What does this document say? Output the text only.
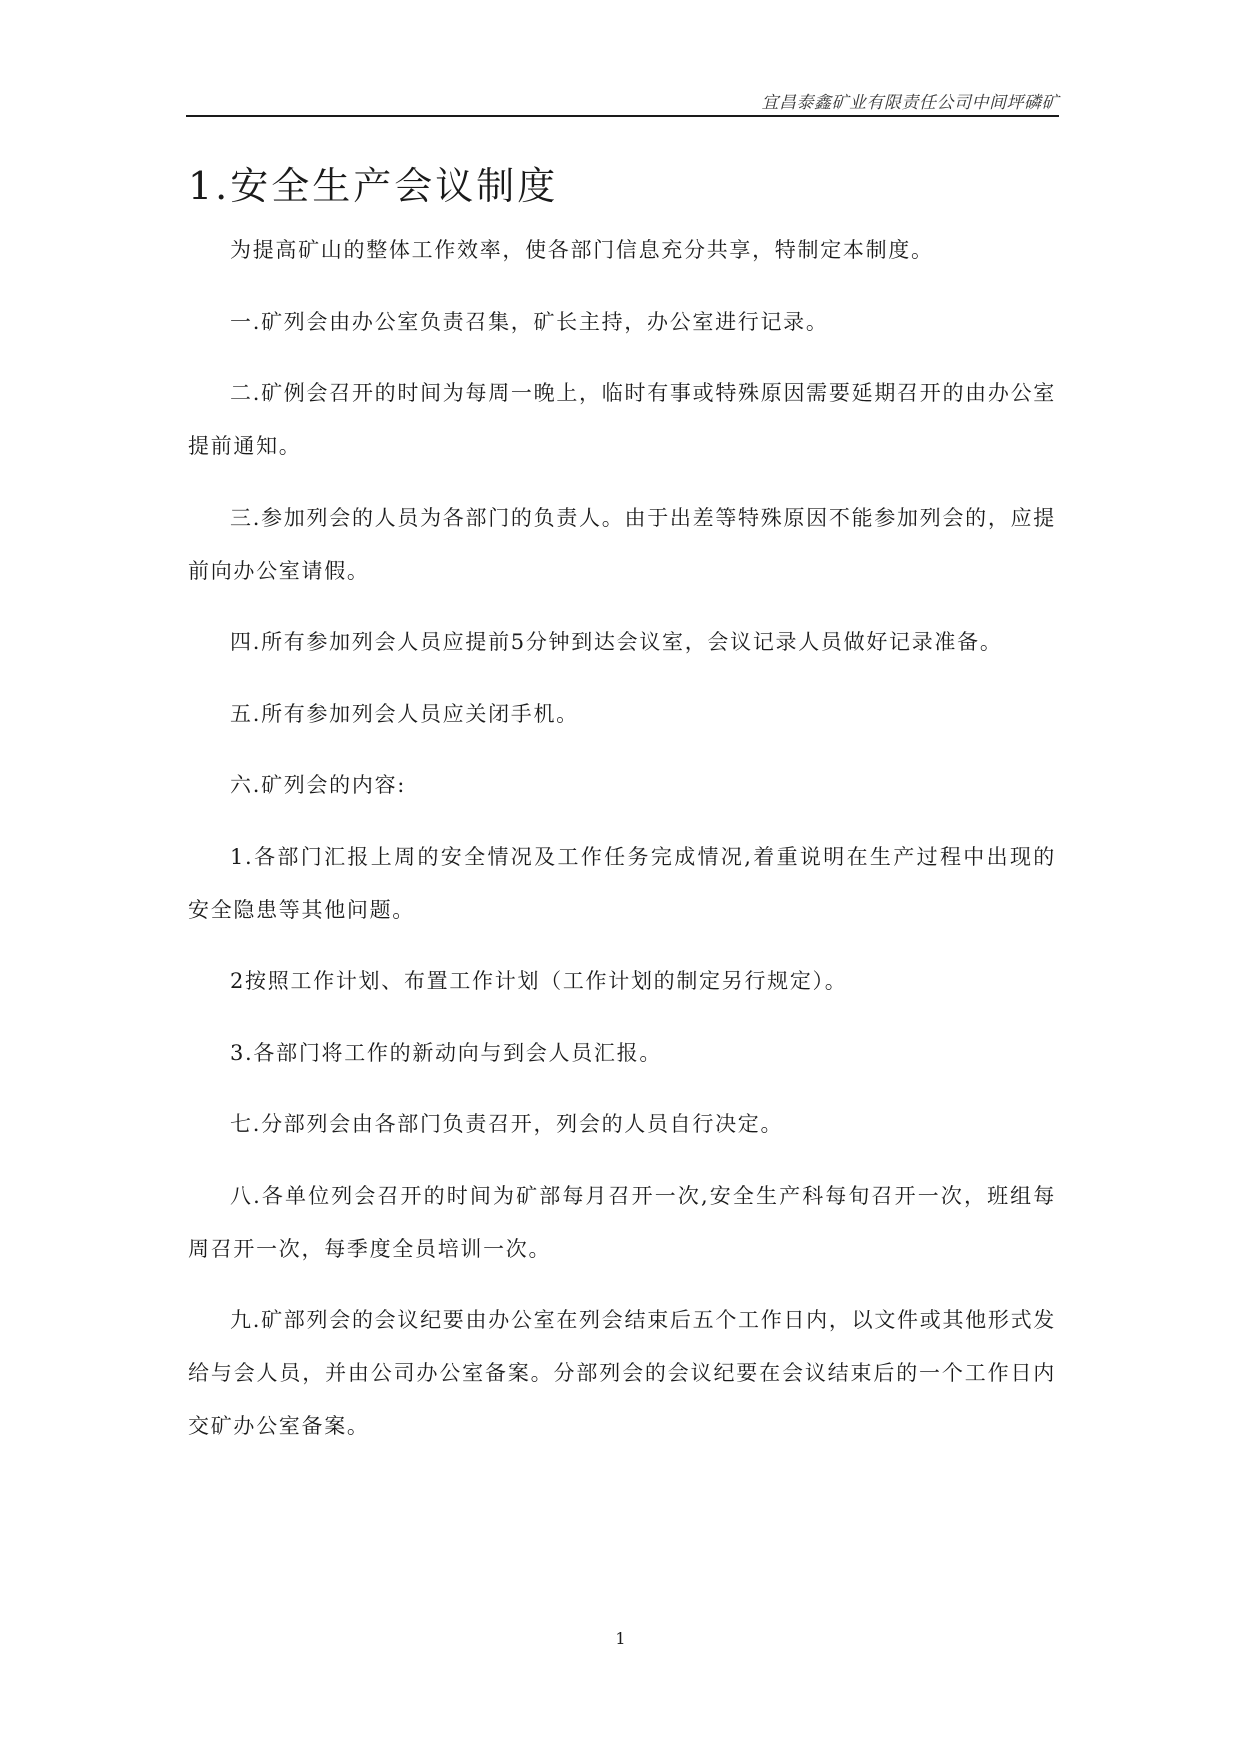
宜昌泰鑫矿业有限责任公司中间坪磷矿
1.安全生产会议制度

为提高矿山的整体工作效率，使各部门信息充分共享，特制定本制度。

一.矿列会由办公室负责召集，矿长主持，办公室进行记录。

二.矿例会召开的时间为每周一晚上，临时有事或特殊原因需要延期召开的由办公室提前通知。

三.参加列会的人员为各部门的负责人。由于出差等特殊原因不能参加列会的，应提前向办公室请假。

四.所有参加列会人员应提前5分钟到达会议室，会议记录人员做好记录准备。

五.所有参加列会人员应关闭手机。

六.矿列会的内容:

1.各部门汇报上周的安全情况及工作任务完成情况,着重说明在生产过程中出现的安全隐患等其他问题。

2按照工作计划、布置工作计划（工作计划的制定另行规定）。

3.各部门将工作的新动向与到会人员汇报。

七.分部列会由各部门负责召开，列会的人员自行决定。

八.各单位列会召开的时间为矿部每月召开一次,安全生产科每旬召开一次，班组每周召开一次，每季度全员培训一次。

九.矿部列会的会议纪要由办公室在列会结束后五个工作日内，以文件或其他形式发给与会人员，并由公司办公室备案。分部列会的会议纪要在会议结束后的一个工作日内交矿办公室备案。

1
